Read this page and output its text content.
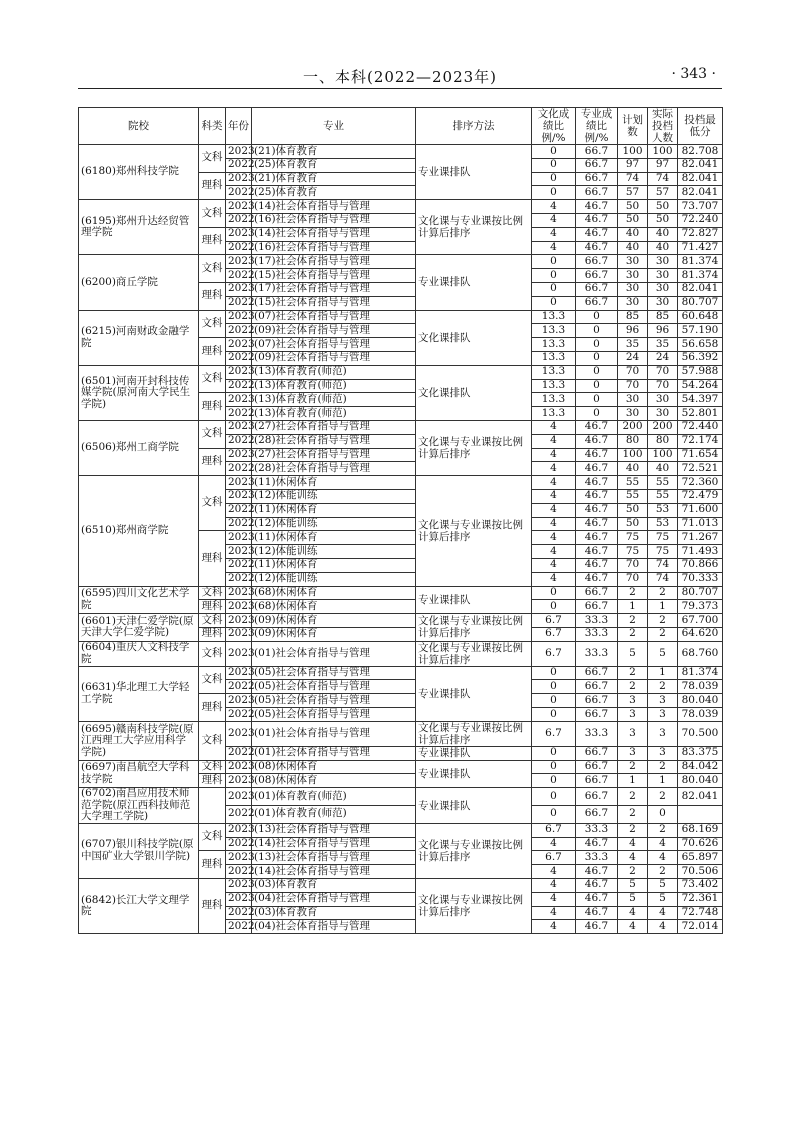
一、本科(2022—2023年)	· 343 ·
院校	科类	年份	专业	排序方法	文化成绩比例/%	专业成绩比例/%	计划数	实际投档人数	投档最低分
(6180)郑州科技学院	文科	2023	(21)体育教育	专业课排队	0	66.7	100	100	82.708
		2022	(25)体育教育		0	66.7	97	97	82.041
	理科	2023	(21)体育教育		0	66.7	74	74	82.041
		2022	(25)体育教育		0	66.7	57	57	82.041
(6195)郑州升达经贸管理学院	文科	2023	(14)社会体育指导与管理	文化课与专业课按比例计算后排序	4	46.7	50	50	73.707
		2022	(16)社会体育指导与管理		4	46.7	50	50	72.240
	理科	2023	(14)社会体育指导与管理		4	46.7	40	40	72.827
		2022	(16)社会体育指导与管理		4	46.7	40	40	71.427
(6200)商丘学院	文科	2023	(17)社会体育指导与管理	专业课排队	0	66.7	30	30	81.374
		2022	(15)社会体育指导与管理		0	66.7	30	30	81.374
	理科	2023	(17)社会体育指导与管理		0	66.7	30	30	82.041
		2022	(15)社会体育指导与管理		0	66.7	30	30	80.707
(6215)河南财政金融学院	文科	2023	(07)社会体育指导与管理	文化课排队	13.3	0	85	85	60.648
		2022	(09)社会体育指导与管理		13.3	0	96	96	57.190
	理科	2023	(07)社会体育指导与管理		13.3	0	35	35	56.658
		2022	(09)社会体育指导与管理		13.3	0	24	24	56.392
(6501)河南开封科技传媒学院(原河南大学民生学院)	文科	2023	(13)体育教育(师范)	文化课排队	13.3	0	70	70	57.988
		2022	(13)体育教育(师范)		13.3	0	70	70	54.264
	理科	2023	(13)体育教育(师范)		13.3	0	30	30	54.397
		2022	(13)体育教育(师范)		13.3	0	30	30	52.801
(6506)郑州工商学院	文科	2023	(27)社会体育指导与管理	文化课与专业课按比例计算后排序	4	46.7	200	200	72.440
		2022	(28)社会体育指导与管理		4	46.7	80	80	72.174
	理科	2023	(27)社会体育指导与管理		4	46.7	100	100	71.654
		2022	(28)社会体育指导与管理		4	46.7	40	40	72.521
(6510)郑州商学院	文科	2023	(11)休闲体育	文化课与专业课按比例计算后排序	4	46.7	55	55	72.360
		2023	(12)体能训练		4	46.7	55	55	72.479
		2022	(11)休闲体育		4	46.7	50	53	71.600
		2022	(12)体能训练		4	46.7	50	53	71.013
	理科	2023	(11)休闲体育		4	46.7	75	75	71.267
		2023	(12)体能训练		4	46.7	75	75	71.493
		2022	(11)休闲体育		4	46.7	70	74	70.866
		2022	(12)体能训练		4	46.7	70	74	70.333
(6595)四川文化艺术学院	文科	2023	(68)休闲体育	专业课排队	0	66.7	2	2	80.707
	理科	2023	(68)休闲体育		0	66.7	1	1	79.373
(6601)天津仁爱学院(原天津大学仁爱学院)	文科	2023	(09)休闲体育	文化课与专业课按比例计算后排序	6.7	33.3	2	2	67.700
	理科	2023	(09)休闲体育		6.7	33.3	2	2	64.620
(6604)重庆人文科技学院	文科	2023	(01)社会体育指导与管理	文化课与专业课按比例计算后排序	6.7	33.3	5	5	68.760
(6631)华北理工大学轻工学院	文科	2023	(05)社会体育指导与管理	专业课排队	0	66.7	2	1	81.374
		2022	(05)社会体育指导与管理		0	66.7	2	2	78.039
	理科	2023	(05)社会体育指导与管理		0	66.7	3	3	80.040
		2022	(05)社会体育指导与管理		0	66.7	3	3	78.039
(6695)赣南科技学院(原江西理工大学应用科学学院)	文科	2023	(01)社会体育指导与管理	文化课与专业课按比例计算后排序	6.7	33.3	3	3	70.500
		2022	(01)社会体育指导与管理	专业课排队	0	66.7	3	3	83.375
(6697)南昌航空大学科技学院	文科	2023	(08)休闲体育	专业课排队	0	66.7	2	2	84.042
	理科	2023	(08)休闲体育		0	66.7	1	1	80.040
(6702)南昌应用技术师范学院(原江西科技师范大学理工学院)		2023	(01)体育教育(师范)	专业课排队	0	66.7	2	2	82.041
		2022	(01)体育教育(师范)		0	66.7	2	0	
(6707)银川科技学院(原中国矿业大学银川学院)	文科	2023	(13)社会体育指导与管理	文化课与专业课按比例计算后排序	6.7	33.3	2	2	68.169
		2022	(14)社会体育指导与管理		4	46.7	4	4	70.626
	理科	2023	(13)社会体育指导与管理		6.7	33.3	4	4	65.897
		2022	(14)社会体育指导与管理		4	46.7	2	2	70.506
(6842)长江大学文理学院	理科	2023	(03)体育教育	文化课与专业课按比例计算后排序	4	46.7	5	5	73.402
		2023	(04)社会体育指导与管理		4	46.7	5	5	72.361
		2022	(03)体育教育		4	46.7	4	4	72.748
		2022	(04)社会体育指导与管理		4	46.7	4	4	72.014
